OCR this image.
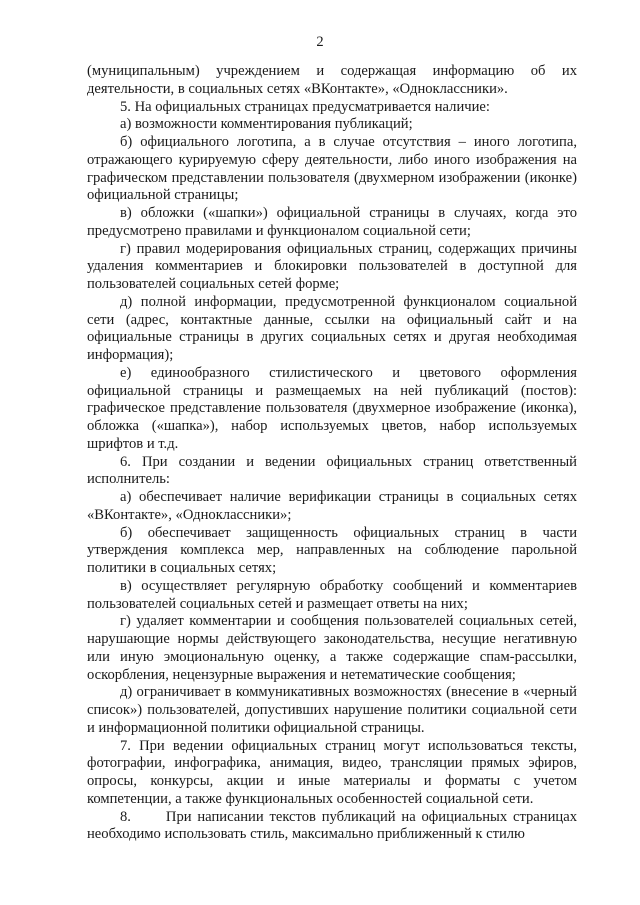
2

(муниципальным) учреждением и содержащая информацию об их деятельности, в социальных сетях «ВКонтакте», «Одноклассники».

5. На официальных страницах предусматривается наличие:

а) возможности комментирования публикаций;

б) официального логотипа, а в случае отсутствия – иного логотипа, отражающего курируемую сферу деятельности, либо иного изображения на графическом представлении пользователя (двухмерном изображении (иконке) официальной страницы;

в) обложки («шапки») официальной страницы в случаях, когда это предусмотрено правилами и функционалом социальной сети;

г) правил модерирования официальных страниц, содержащих причины удаления комментариев и блокировки пользователей в доступной для пользователей социальных сетей форме;

д) полной информации, предусмотренной функционалом социальной сети (адрес, контактные данные, ссылки на официальный сайт и на официальные страницы в других социальных сетях и другая необходимая информация);

е) единообразного стилистического и цветового оформления официальной страницы и размещаемых на ней публикаций (постов): графическое представление пользователя (двухмерное изображение (иконка), обложка («шапка»), набор используемых цветов, набор используемых шрифтов и т.д.

6. При создании и ведении официальных страниц ответственный исполнитель:

а) обеспечивает наличие верификации страницы в социальных сетях «ВКонтакте», «Одноклассники»;

б) обеспечивает защищенность официальных страниц в части утверждения комплекса мер, направленных на соблюдение парольной политики в социальных сетях;

в) осуществляет регулярную обработку сообщений и комментариев пользователей социальных сетей и размещает ответы на них;

г) удаляет комментарии и сообщения пользователей социальных сетей, нарушающие нормы действующего законодательства, несущие негативную или иную эмоциональную оценку, а также содержащие спам-рассылки, оскорбления, нецензурные выражения и нетематические сообщения;

д) ограничивает в коммуникативных возможностях (внесение в «черный список») пользователей, допустивших нарушение политики социальной сети и информационной политики официальной страницы.

7. При ведении официальных страниц могут использоваться тексты, фотографии, инфографика, анимация, видео, трансляции прямых эфиров, опросы, конкурсы, акции и иные материалы и форматы с учетом компетенции, а также функциональных особенностей социальной сети.

8.      При написании текстов публикаций на официальных страницах необходимо использовать стиль, максимально приближенный к стилю
